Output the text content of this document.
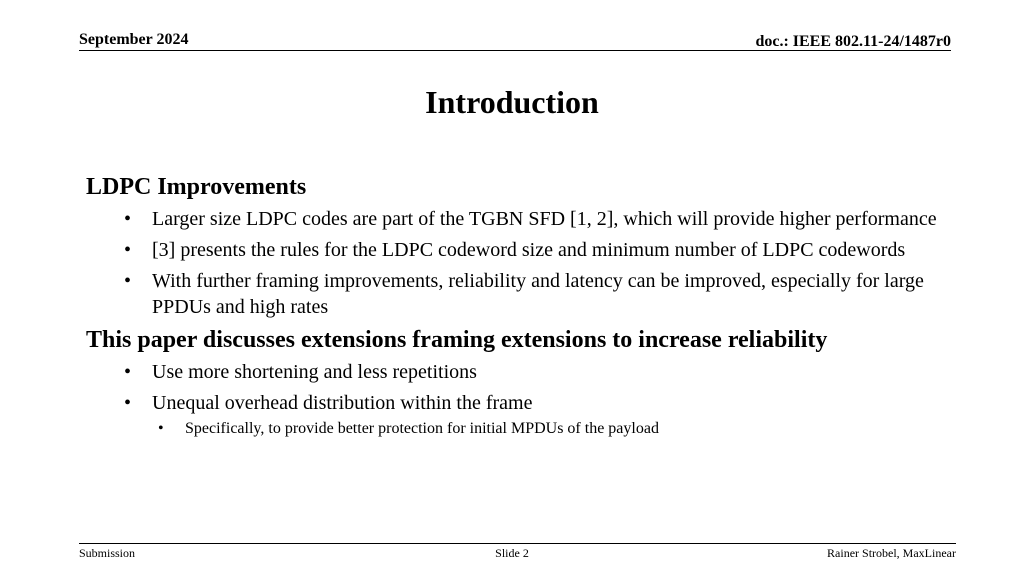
September 2024	doc.: IEEE 802.11-24/1487r0
Introduction
LDPC Improvements
• Larger size LDPC codes are part of the TGBN SFD [1, 2], which will provide higher performance
• [3] presents the rules for the LDPC codeword size and minimum number of LDPC codewords
• With further framing improvements, reliability and latency can be improved, especially for large PPDUs and high rates
This paper discusses extensions framing extensions to increase reliability
• Use more shortening and less repetitions
• Unequal overhead distribution within the frame
• Specifically, to provide better protection for initial MPDUs of the payload
Submission	Slide 2	Rainer Strobel, MaxLinear
